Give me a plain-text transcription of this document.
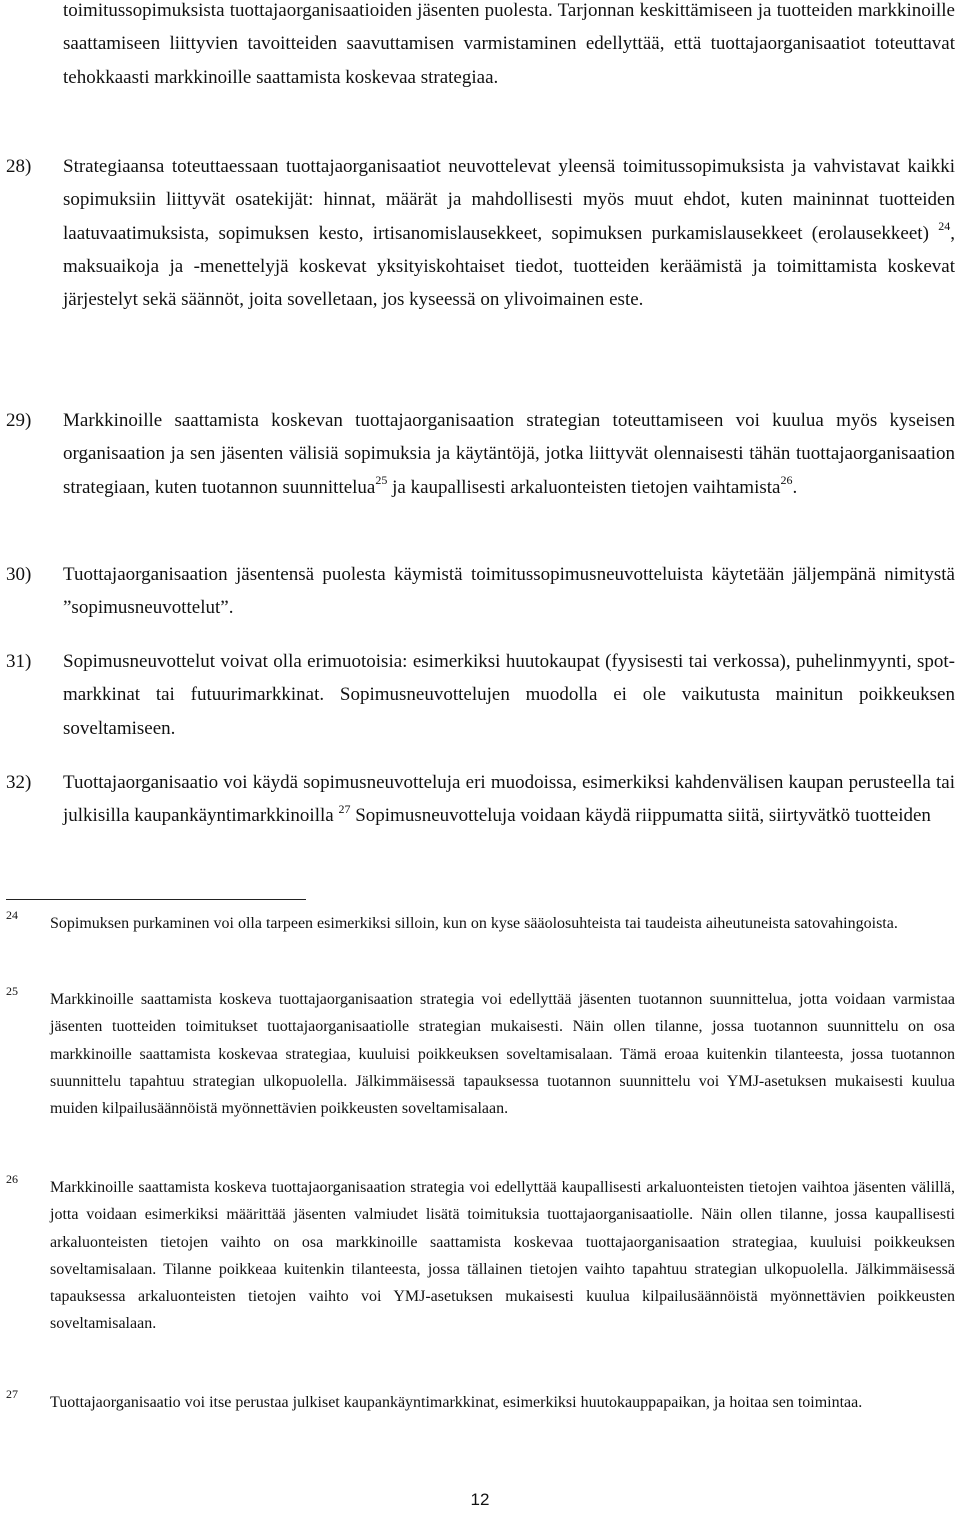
toimitussopimuksista tuottajaorganisaatioiden jäsenten puolesta. Tarjonnan keskittämiseen ja tuotteiden markkinoille saattamiseen liittyvien tavoitteiden saavuttamisen varmistaminen edellyttää, että tuottajaorganisaatiot toteuttavat tehokkaasti markkinoille saattamista koskevaa strategiaa.

28) Strategiaansa toteuttaessaan tuottajaorganisaatiot neuvottelevat yleensä toimitussopimuksista ja vahvistavat kaikki sopimuksiin liittyvät osatekijät: hinnat, määrät ja mahdollisesti myös muut ehdot, kuten maininnat tuotteiden laatuvaatimuksista, sopimuksen kesto, irtisanomislausekkeet, sopimuksen purkamislausekkeet (erolausekkeet) $^{24}$, maksuaikoja ja -menettelyjä koskevat yksityiskohtaiset tiedot, tuotteiden keräämistä ja toimittamista koskevat järjestelyt sekä säännöt, joita sovelletaan, jos kyseessä on ylivoimainen este.

29) Markkinoille saattamista koskevan tuottajaorganisaation strategian toteuttamiseen voi kuulua myös kyseisen organisaation ja sen jäsenten välisiä sopimuksia ja käytäntöjä, jotka liittyvät olennaisesti tähän tuottajaorganisaation strategiaan, kuten tuotannon suunnittelua$^{25}$ ja kaupallisesti arkaluonteisten tietojen vaihtamista$^{26}$.

30) Tuottajaorganisaation jäsentensä puolesta käymistä toimitussopimusneuvotteluista käytetään jäljempänä nimitystä ”sopimusneuvottelut”.

31) Sopimusneuvottelut voivat olla erimuotoisia: esimerkiksi huutokaupat (fyysisesti tai verkossa), puhelinmyynti, spot-markkinat tai futuurimarkkinat. Sopimusneuvottelujen muodolla ei ole vaikutusta mainitun poikkeuksen soveltamiseen.

32) Tuottajaorganisaatio voi käydä sopimusneuvotteluja eri muodoissa, esimerkiksi kahdenvälisen kaupan perusteella tai julkisilla kaupankäyntimarkkinoilla $^{27}$ Sopimusneuvotteluja voidaan käydä riippumatta siitä, siirtyvätkö tuotteiden

24 Sopimuksen purkaminen voi olla tarpeen esimerkiksi silloin, kun on kyse sääolosuhteista tai taudeista aiheutuneista satovahingoista.

25 Markkinoille saattamista koskeva tuottajaorganisaation strategia voi edellyttää jäsenten tuotannon suunnittelua, jotta voidaan varmistaa jäsenten tuotteiden toimitukset tuottajaorganisaatiolle strategian mukaisesti. Näin ollen tilanne, jossa tuotannon suunnittelu on osa markkinoille saattamista koskevaa strategiaa, kuuluisi poikkeuksen soveltamisalaan. Tämä eroaa kuitenkin tilanteesta, jossa tuotannon suunnittelu tapahtuu strategian ulkopuolella. Jälkimmäisessä tapauksessa tuotannon suunnittelu voi YMJ-asetuksen mukaisesti kuulua muiden kilpailusäännöistä myönnettävien poikkeusten soveltamisalaan.

26 Markkinoille saattamista koskeva tuottajaorganisaation strategia voi edellyttää kaupallisesti arkaluonteisten tietojen vaihtoa jäsenten välillä, jotta voidaan esimerkiksi määrittää jäsenten valmiudet lisätä toimituksia tuottajaorganisaatiolle. Näin ollen tilanne, jossa kaupallisesti arkaluonteisten tietojen vaihto on osa markkinoille saattamista koskevaa tuottajaorganisaation strategiaa, kuuluisi poikkeuksen soveltamisalaan. Tilanne poikkeaa kuitenkin tilanteesta, jossa tällainen tietojen vaihto tapahtuu strategian ulkopuolella. Jälkimmäisessä tapauksessa arkaluonteisten tietojen vaihto voi YMJ-asetuksen mukaisesti kuulua kilpailusäännöistä myönnettävien poikkeusten soveltamisalaan.

27 Tuottajaorganisaatio voi itse perustaa julkiset kaupankäyntimarkkinat, esimerkiksi huutokauppapaikan, ja hoitaa sen toimintaa.

12
